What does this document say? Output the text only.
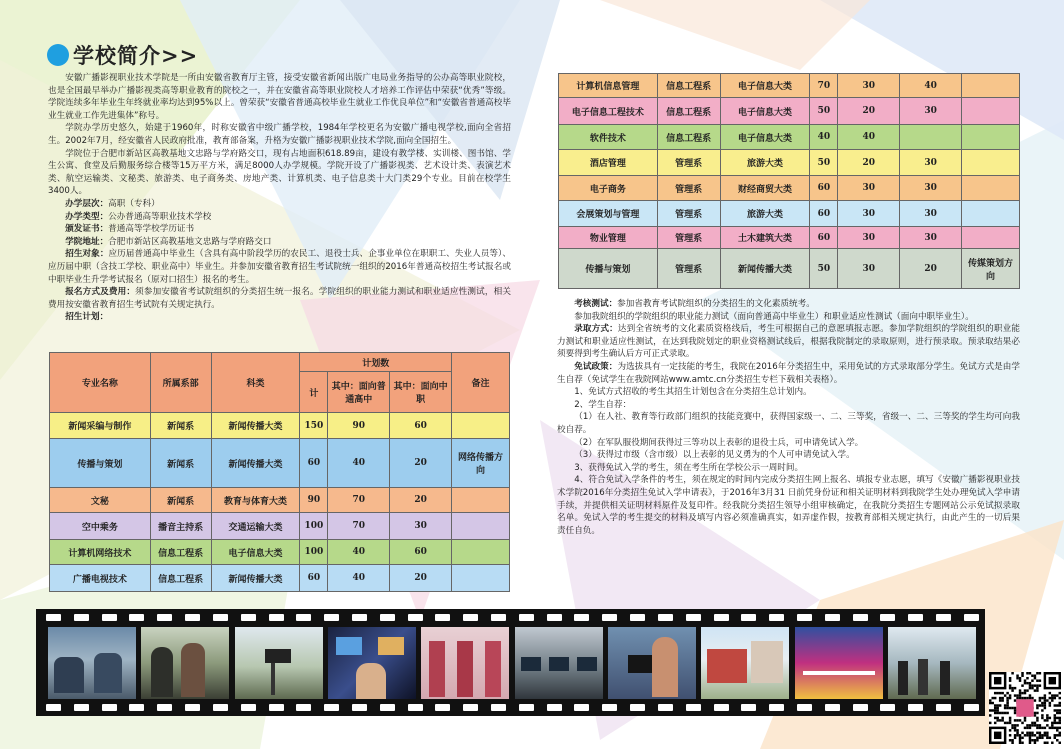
学校简介>>

安徽广播影视职业技术学院是一所由安徽省教育厅主管，接受安徽省新闻出版广电局业务指导的公办高等职业院校，也是全国最早举办广播影视类高等职业教育的院校之一，并在安徽省高等职业院校人才培养工作评估中荣获“优秀”等级。学院连续多年毕业生年终就业率均达到95%以上。曾荣获“安徽省普通高校毕业生就业工作优良单位”和“安徽省普通高校毕业生就业工作先进集体”称号。

学院办学历史悠久，始建于1960年，时称安徽省中级广播学校，1984年学校更名为安徽广播电视学校,面向全省招生。2002年7月，经安徽省人民政府批准，教育部备案，升格为安徽广播影视职业技术学院,面向全国招生。

学院位于合肥市新站区高教基地文忠路与学府路交口，现有占地面积618.89亩，建设有教学楼、实训楼、图书馆、学生公寓、食堂及后勤服务综合楼等15万平方米，满足8000人办学规模。学院开设了广播影视类、艺术设计类、表演艺术类、航空运输类、文秘类、旅游类、电子商务类、房地产类、计算机类、电子信息类十大门类29个专业。目前在校学生3400人。

办学层次：高职（专科）
办学类型：公办普通高等职业技术学校
颁发证书：普通高等学校学历证书
学院地址：合肥市新站区高教基地文忠路与学府路交口

招生对象：应历届普通高中毕业生（含具有高中阶段学历的农民工、退役士兵、企事业单位在职职工、失业人员等）、应历届中职（含技工学校、职业高中）毕业生。并参加安徽省教育招生考试院统一组织的2016年普通高校招生考试报名或中职毕业生升学考试报名（原对口招生）报名的考生。

报名方式及费用：须参加安徽省考试院组织的分类招生统一报名。学院组织的职业能力测试和职业适应性测试，相关费用按安徽省教育招生考试院有关规定执行。

招生计划：

专业名称	所属系部	科类	计划数			备注
			计	其中：面向普通高中	其中：面向中职	
新闻采编与制作	新闻系	新闻传播大类	150	90	60	
传播与策划	新闻系	新闻传播大类	60	40	20	网络传播方向
文秘	新闻系	教育与体育大类	90	70	20	
空中乘务	播音主持系	交通运输大类	100	70	30	
计算机网络技术	信息工程系	电子信息大类	100	40	60	
广播电视技术	信息工程系	新闻传播大类	60	40	20	
计算机信息管理	信息工程系	电子信息大类	70	30	40	
电子信息工程技术	信息工程系	电子信息大类	50	20	30	
软件技术	信息工程系	电子信息大类	40	40		
酒店管理	管理系	旅游大类	50	20	30	
电子商务	管理系	财经商贸大类	60	30	30	
会展策划与管理	管理系	旅游大类	60	30	30	
物业管理	管理系	土木建筑大类	60	30	30	
传播与策划	管理系	新闻传播大类	50	30	20	传媒策划方向

考核测试：参加省教育考试院组织的分类招生的文化素质统考。

参加我院组织的学院组织的职业能力测试（面向普通高中毕业生）和职业适应性测试（面向中职毕业生）。

录取方式：达到全省统考的文化素质资格线后，考生可根据自己的意愿填报志愿。参加学院组织的学院组织的职业能力测试和职业适应性测试，在达到我院划定的职业资格测试线后，根据我院制定的录取原则，进行预录取。预录取结果必须要得到考生确认后方可正式录取。

免试政策：为选拔具有一定技能的考生，我院在2016年分类招生中，采用免试的方式录取部分学生。免试方式是由学生自荐（免试学生在我院网站www.amtc.cn分类招生专栏下载相关表格）。

1、免试方式招收的考生其招生计划包含在分类招生总计划内。

2、学生自荐：

（1）在人社、教育等行政部门组织的技能竞赛中，获得国家级一、二、三等奖，省级一、二、三等奖的学生均可向我校自荐。

（2）在军队服役期间获得过三等功以上表彰的退役士兵，可申请免试入学。

（3）获得过市级（含市级）以上表彰的见义勇为的个人可申请免试入学。

3、获得免试入学的考生，须在考生所在学校公示一周时间。

4、符合免试入学条件的考生，须在规定的时间内完成分类招生网上报名、填报专业志愿，填写《安徽广播影视职业技术学院2016年分类招生免试入学申请表》，于2016年3月31 日前凭身份证和相关证明材料到我院学生处办理免试入学申请手续，并提供相关证明材料原件及复印件。经我院分类招生领导小组审核确定，在我院分类招生专题网站公示免试拟录取名单。免试入学的考生提交的材料及填写内容必须准确真实，如弄虚作假，按教育部相关规定执行，由此产生的一切后果责任自负。
